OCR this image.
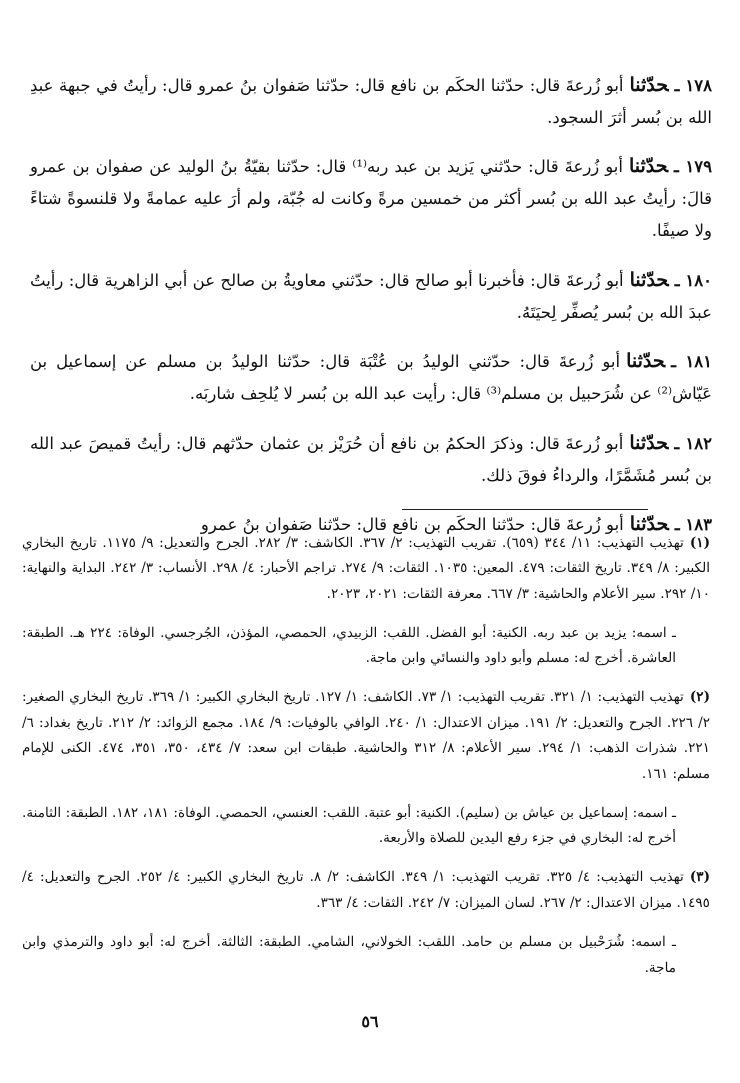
١٧٨ ـحدّثناأبو زُرعةَ قال: حدّثنا الحكَم بن نافع قال: حدّثنا صَفوان بنُ عمرو قال: رأيتُ في جبهة عبدِ الله بن بُسر أثرَ السجود.

١٧٩ ـحدّثناأبو زُرعةَ قال: حدّثني يَزيد بن عبد ربه⁽¹⁾ قال: حدّثنا بقيّةُ بنُ الوليد عن صفوان بن عمرو قالَ: رأيتُ عبد الله بن بُسر أكثر من خمسين مرةً وكانت له جُبّة، ولم أرَ عليه عمامةً ولا قلنسوةً شتاءً ولا صيفًا.

١٨٠ ـحدّثناأبو زُرعةَ قال: فأخبرنا أبو صالح قال: حدّثني معاويةُ بن صالح عن أبي الزاهرية قال: رأيتُ عبدَ الله بن بُسر يُصفِّر لِحيَتَهُ.

١٨١ ـحدّثناأبو زُرعةَ قال: حدّثني الوليدُ بن عُتْبَة قال: حدّثنا الوليدُ بن مسلم عن إسماعيل بن عَيّاش⁽²⁾ عن شُرَحبيل بن مسلم⁽³⁾ قال: رأيت عبد الله بن بُسر لا يُلحِف شاربَه.

١٨٢ ـحدّثناأبو زُرعةَ قال: وذكرَ الحكمُ بن نافع أن حُرَيْز بن عثمان حدّثهم قال: رأيتُ قميصَ عبد الله بن بُسر مُشَمَّرًا، والرداءُ فوقَ ذلك.

١٨٣ ـحدّثناأبو زُرعةَ قال: حدّثنا الحكَم بن نافع قال: حدّثنا صَفوان بنُ عمرو

(١)تهذيب التهذيب: ١١/ ٣٤٤ (٦٥٩). تقريب التهذيب: ٢/ ٣٦٧. الكاشف: ٣/ ٢٨٢. الجرح والتعديل: ٩/ ١١٧٥. تاريخ البخاري الكبير: ٨/ ٣٤٩. تاريخ الثقات: ٤٧٩. المعين: ١٠٣٥. الثقات: ٩/ ٢٧٤. تراجم الأحبار: ٤/ ٢٩٨. الأنساب: ٣/ ٢٤٢. البداية والنهاية: ١٠/ ٢٩٢. سير الأعلام والحاشية: ٣/ ٦٦٧. معرفة الثقات: ٢٠٢١، ٢٠٢٣.

ـ اسمه: يزيد بن عبد ربه. الكنية: أبو الفضل. اللقب: الزبيدي، الحمصي، المؤذن، الجُرجسي. الوفاة: ٢٢٤ هـ. الطبقة: العاشرة. أخرج له: مسلم وأبو داود والنسائي وابن ماجة.

(٢)تهذيب التهذيب: ١/ ٣٢١. تقريب التهذيب: ١/ ٧٣. الكاشف: ١/ ١٢٧. تاريخ البخاري الكبير: ١/ ٣٦٩. تاريخ البخاري الصغير: ٢/ ٢٢٦. الجرح والتعديل: ٢/ ١٩١. ميزان الاعتدال: ١/ ٢٤٠. الوافي بالوفيات: ٩/ ١٨٤. مجمع الزوائد: ٢/ ٢١٢. تاريخ بغداد: ٦/ ٢٢١. شذرات الذهب: ١/ ٢٩٤. سير الأعلام: ٨/ ٣١٢ والحاشية. طبقات ابن سعد: ٧/ ٤٣٤، ٣٥٠، ٣٥١، ٤٧٤. الكنى للإمام مسلم: ١٦١.

ـ اسمه: إسماعيل بن عياش بن (سليم). الكنية: أبو عتبة. اللقب: العنسي، الحمصي. الوفاة: ١٨١، ١٨٢. الطبقة: الثامنة. أخرج له: البخاري في جزء رفع اليدين للصلاة والأربعة.

(٣)تهذيب التهذيب: ٤/ ٣٢٥. تقريب التهذيب: ١/ ٣٤٩. الكاشف: ٢/ ٨. تاريخ البخاري الكبير: ٤/ ٢٥٢. الجرح والتعديل: ٤/ ١٤٩٥. ميزان الاعتدال: ٢/ ٢٦٧. لسان الميزان: ٧/ ٢٤٢. الثقات: ٤/ ٣٦٣.

ـ اسمه: شُرَحْبيل بن مسلم بن حامد. اللقب: الخولاني، الشامي. الطبقة: الثالثة. أخرج له: أبو داود والترمذي وابن ماجة.

٥٦
